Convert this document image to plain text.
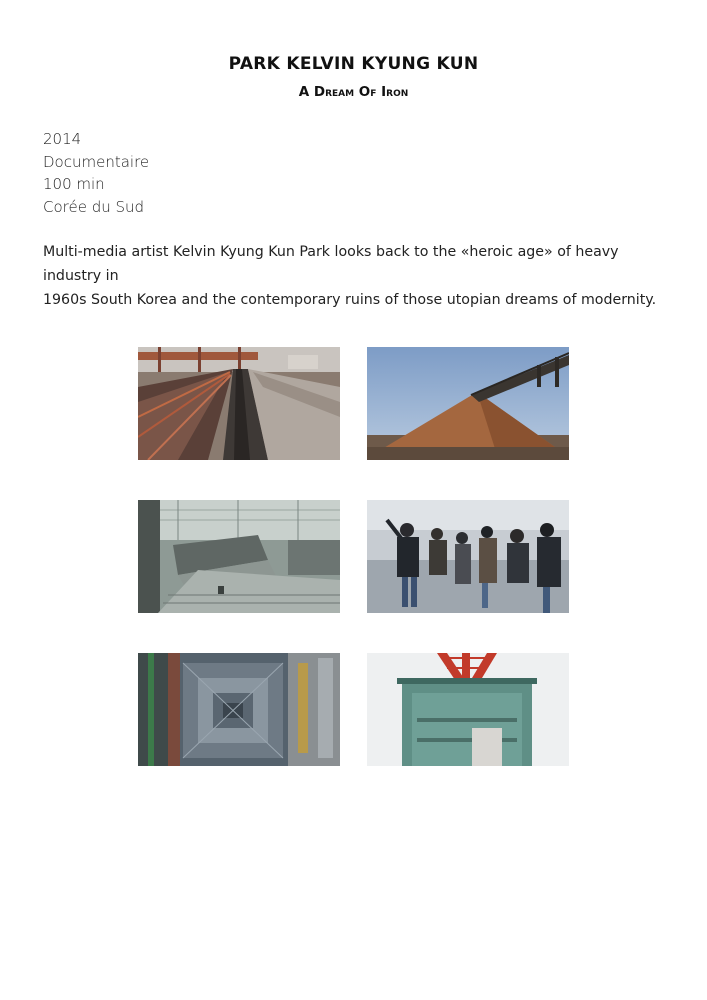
PARK KELVIN KYUNG KUN
A Dream Of Iron
2014
Documentaire
100 min
Corée du Sud
Multi-media artist Kelvin Kyung Kun Park looks back to the «heroic age» of heavy industry in
1960s South Korea and the contemporary ruins of those utopian dreams of modernity.
